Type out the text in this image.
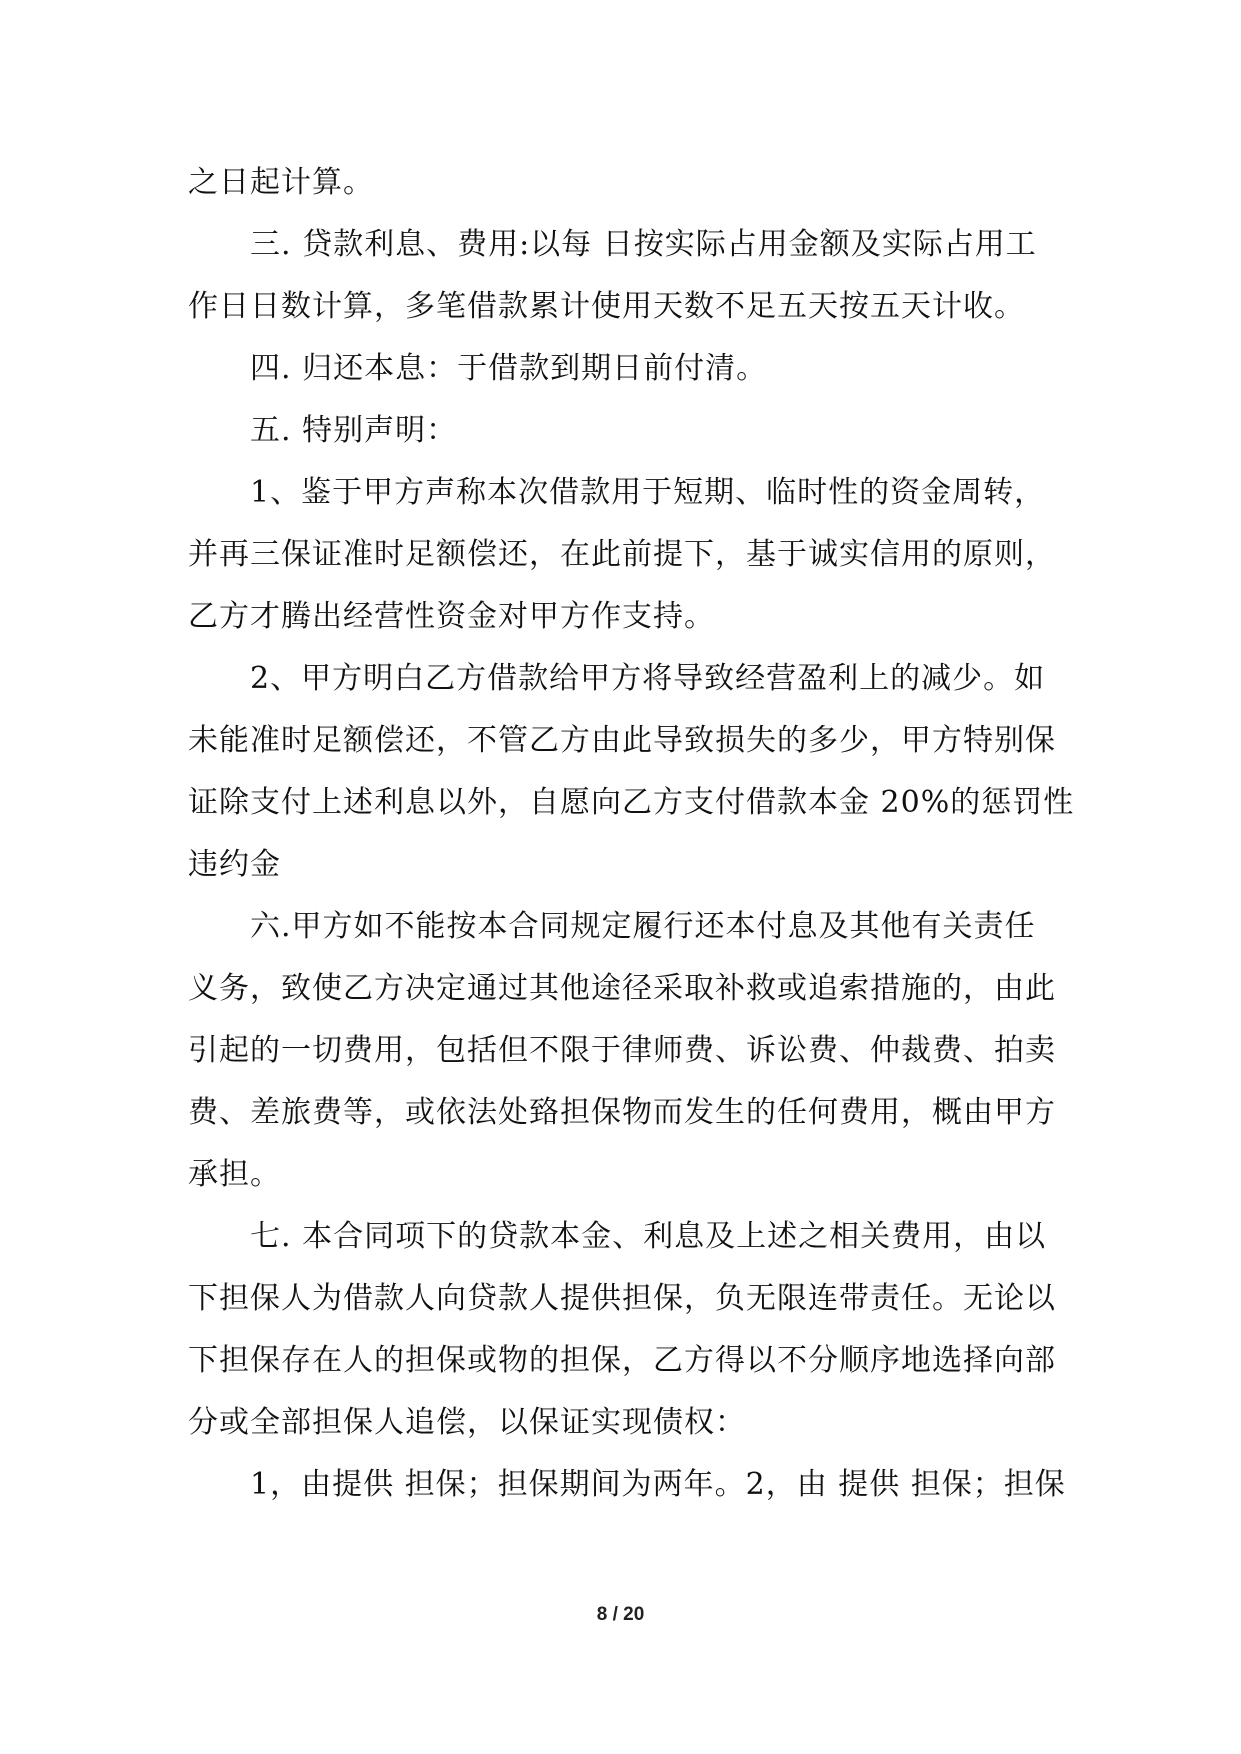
之日起计算。
三. 贷款利息、费用:以每 日按实际占用金额及实际占用工
作日日数计算，多笔借款累计使用天数不足五天按五天计收。
四. 归还本息：于借款到期日前付清。
五. 特别声明：
1、鉴于甲方声称本次借款用于短期、临时性的资金周转，
并再三保证准时足额偿还，在此前提下，基于诚实信用的原则，
乙方才腾出经营性资金对甲方作支持。
2、甲方明白乙方借款给甲方将导致经营盈利上的减少。如
未能准时足额偿还，不管乙方由此导致损失的多少，甲方特别保
证除支付上述利息以外，自愿向乙方支付借款本金 20%的惩罚性
违约金
六.甲方如不能按本合同规定履行还本付息及其他有关责任
义务，致使乙方决定通过其他途径采取补救或追索措施的，由此
引起的一切费用，包括但不限于律师费、诉讼费、仲裁费、拍卖
费、差旅费等，或依法处臵担保物而发生的任何费用，概由甲方
承担。
七. 本合同项下的贷款本金、利息及上述之相关费用，由以
下担保人为借款人向贷款人提供担保，负无限连带责任。无论以
下担保存在人的担保或物的担保，乙方得以不分顺序地选择向部
分或全部担保人追偿，以保证实现债权：
1，由提供 担保；担保期间为两年。2，由 提供 担保；担保
8 / 20
